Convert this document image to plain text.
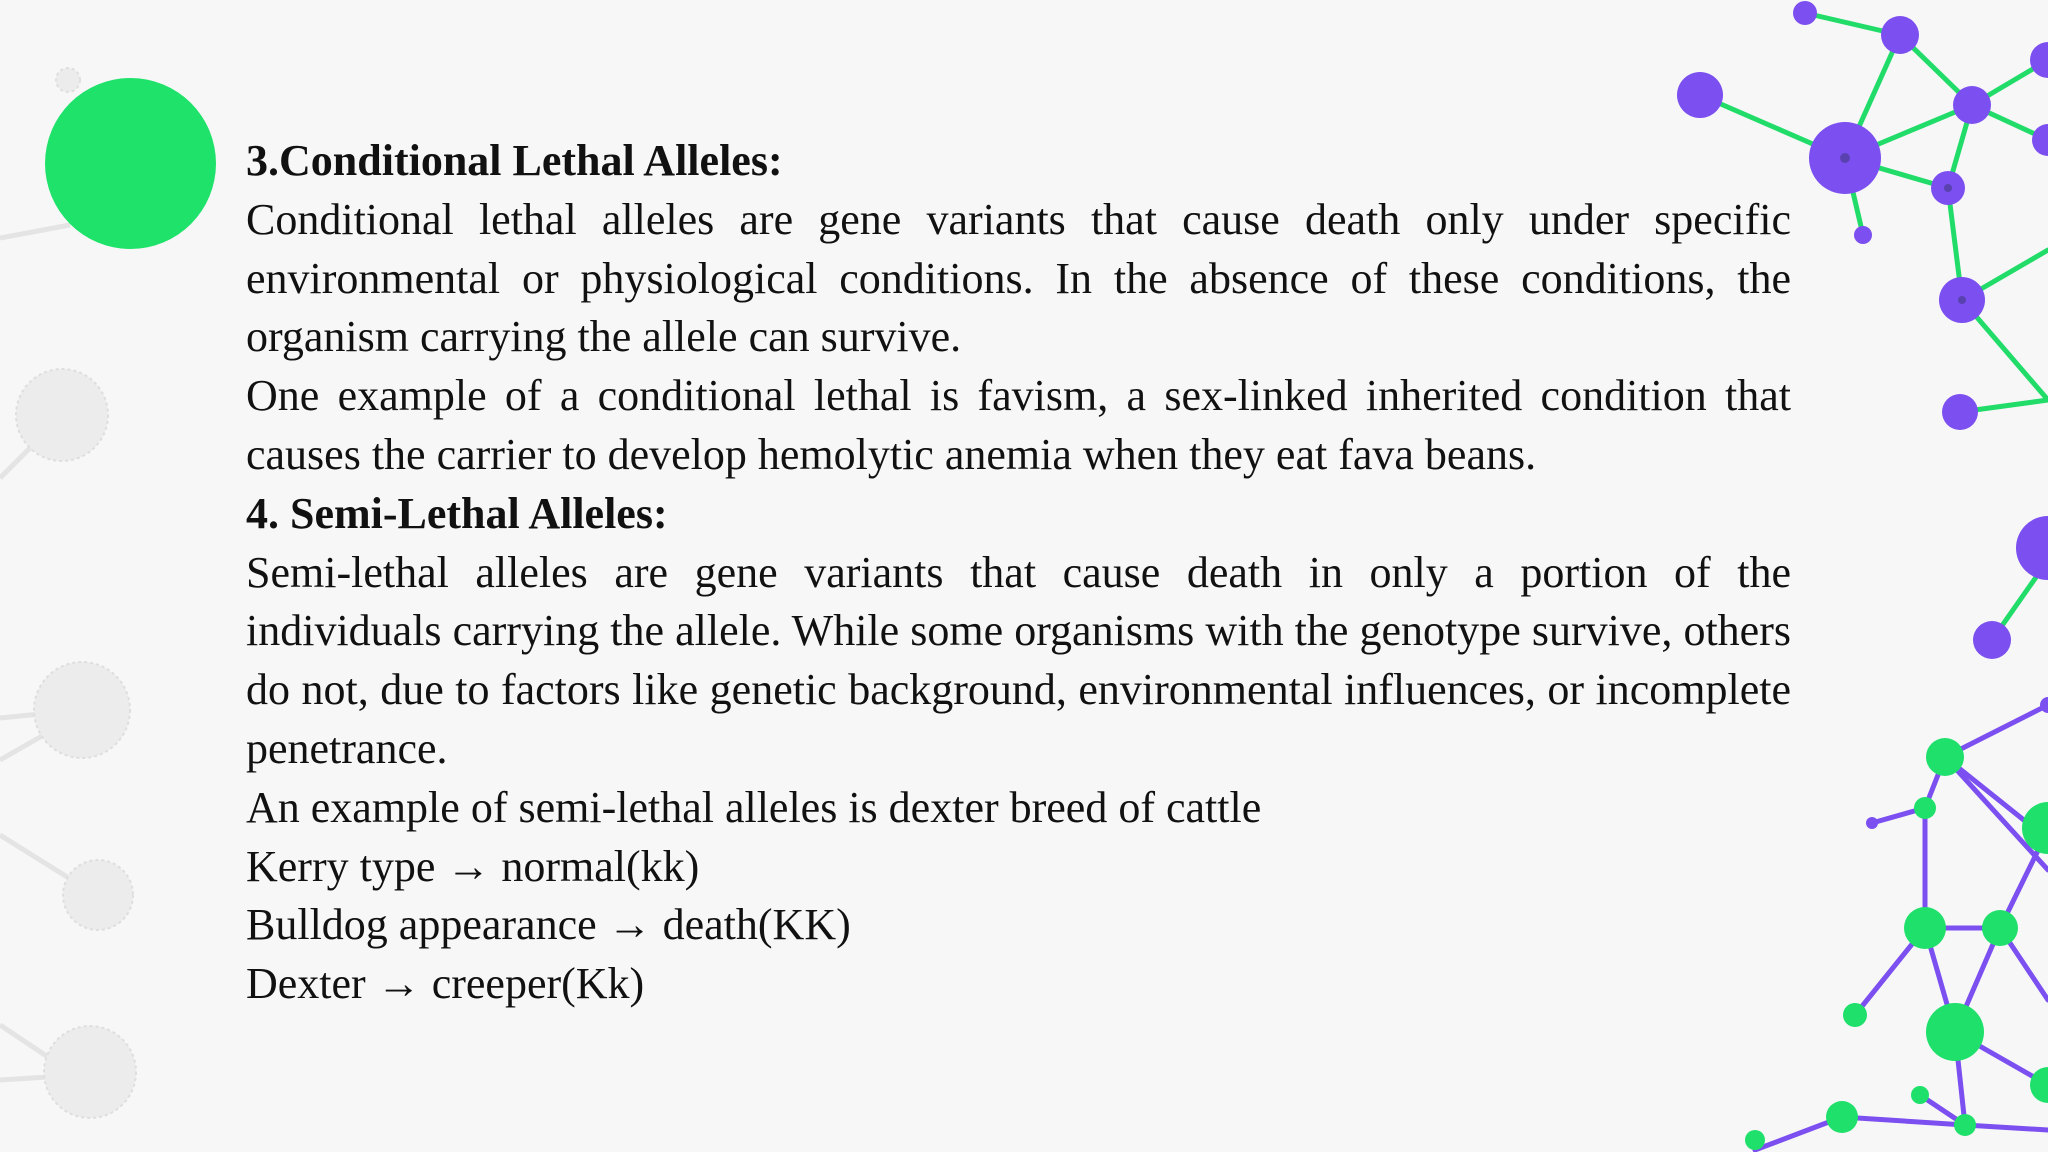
3.Conditional Lethal Alleles:

Conditional lethal alleles are gene variants that cause death only under specific environmental or physiological conditions. In the absence of these conditions, the organism carrying the allele can survive.

One example of a conditional lethal is favism, a sex-linked inherited condition that causes the carrier to develop hemolytic anemia when they eat fava beans.

4. Semi-Lethal Alleles:

Semi-lethal alleles are gene variants that cause death in only a portion of the individuals carrying the allele. While some organisms with the genotype survive, others do not, due to factors like genetic background, environmental influences, or incomplete penetrance.

An example of semi-lethal alleles is dexter breed of cattle

Kerry type → normal(kk)

Bulldog appearance → death(KK)

Dexter → creeper(Kk)
